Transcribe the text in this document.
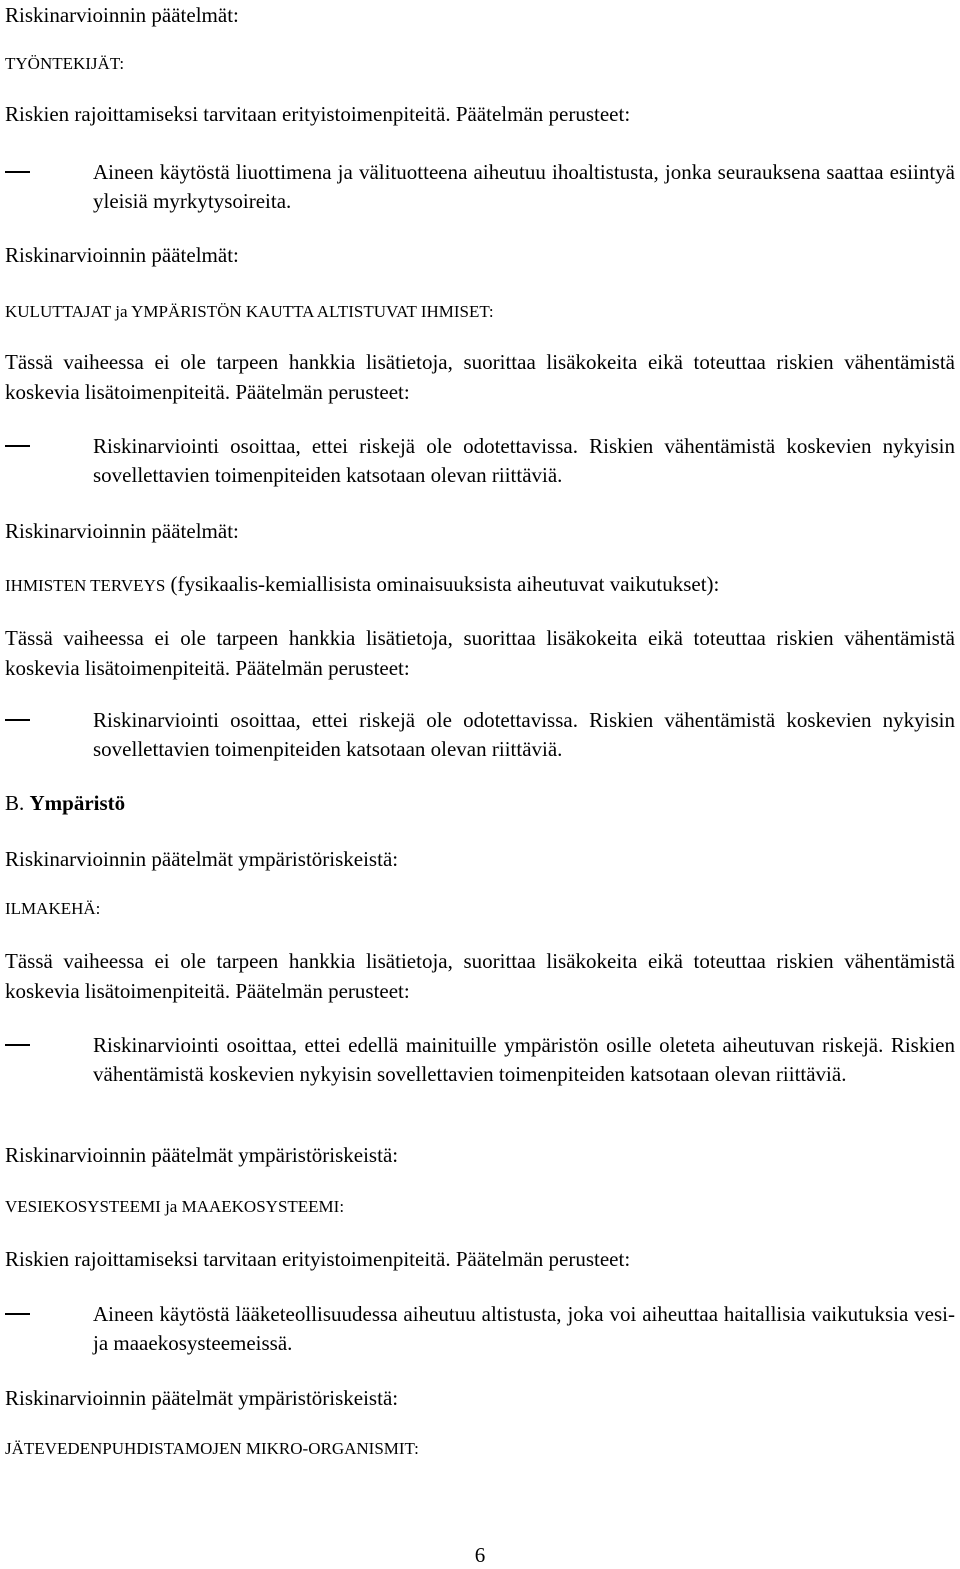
Riskinarvioinnin päätelmät:
TYÖNTEKIJÄT:
Riskien rajoittamiseksi tarvitaan erityistoimenpiteitä. Päätelmän perusteet:
Aineen käytöstä liuottimena ja välituotteena aiheutuu ihoaltistusta, jonka seurauksena saattaa esiintyä yleisiä myrkytysoireita.
Riskinarvioinnin päätelmät:
KULUTTAJAT ja YMPÄRISTÖN KAUTTA ALTISTUVAT IHMISET:
Tässä vaiheessa ei ole tarpeen hankkia lisätietoja, suorittaa lisäkokeita eikä toteuttaa riskien vähentämistä koskevia lisätoimenpiteitä. Päätelmän perusteet:
Riskinarviointi osoittaa, ettei riskejä ole odotettavissa. Riskien vähentämistä koskevien nykyisin sovellettavien toimenpiteiden katsotaan olevan riittäviä.
Riskinarvioinnin päätelmät:
IHMISTEN TERVEYS (fysikaalis-kemiallisista ominaisuuksista aiheutuvat vaikutukset):
Tässä vaiheessa ei ole tarpeen hankkia lisätietoja, suorittaa lisäkokeita eikä toteuttaa riskien vähentämistä koskevia lisätoimenpiteitä. Päätelmän perusteet:
Riskinarviointi osoittaa, ettei riskejä ole odotettavissa. Riskien vähentämistä koskevien nykyisin sovellettavien toimenpiteiden katsotaan olevan riittäviä.
B. Ympäristö
Riskinarvioinnin päätelmät ympäristöriskeistä:
ILMAKEHÄ:
Tässä vaiheessa ei ole tarpeen hankkia lisätietoja, suorittaa lisäkokeita eikä toteuttaa riskien vähentämistä koskevia lisätoimenpiteitä. Päätelmän perusteet:
Riskinarviointi osoittaa, ettei edellä mainituille ympäristön osille oleteta aiheutuvan riskejä. Riskien vähentämistä koskevien nykyisin sovellettavien toimenpiteiden katsotaan olevan riittäviä.
Riskinarvioinnin päätelmät ympäristöriskeistä:
VESIEKOSYSTEEMI ja MAAEKOSYSTEEMI:
Riskien rajoittamiseksi tarvitaan erityistoimenpiteitä. Päätelmän perusteet:
Aineen käytöstä lääketeollisuudessa aiheutuu altistusta, joka voi aiheuttaa haitallisia vaikutuksia vesi- ja maaekosysteemeissä.
Riskinarvioinnin päätelmät ympäristöriskeistä:
JÄTEVEDENPUHDISTAMOJEN MIKRO-ORGANISMIT:
6
